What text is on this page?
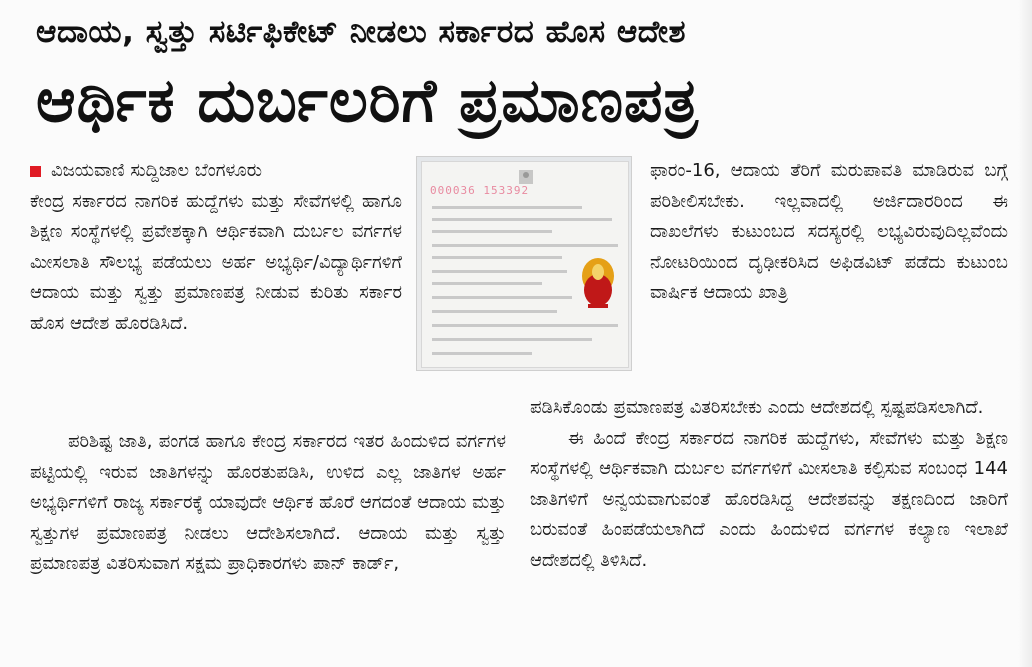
ಆದಾಯ, ಸ್ವತ್ತು ಸರ್ಟಿಫಿಕೇಟ್ ನೀಡಲು ಸರ್ಕಾರದ ಹೊಸ ಆದೇಶ
ಆರ್ಥಿಕ ದುರ್ಬಲರಿಗೆ ಪ್ರಮಾಣಪತ್ರ

ವಿಜಯವಾಣಿ ಸುದ್ದಿಜಾಲ ಬೆಂಗಳೂರು

ಕೇಂದ್ರ ಸರ್ಕಾರದ ನಾಗರಿಕ ಹುದ್ದೆಗಳು ಮತ್ತು ಸೇವೆಗಳಲ್ಲಿ ಹಾಗೂ ಶಿಕ್ಷಣ ಸಂಸ್ಥೆಗಳಲ್ಲಿ ಪ್ರವೇಶಕ್ಕಾಗಿ ಆರ್ಥಿಕವಾಗಿ ದುರ್ಬಲ ವರ್ಗಗಳ ಮೀಸಲಾತಿ ಸೌಲಭ್ಯ ಪಡೆಯಲು ಅರ್ಹ ಅಭ್ಯರ್ಥಿ/ವಿದ್ಯಾರ್ಥಿಗಳಿಗೆ ಆದಾಯ ಮತ್ತು ಸ್ವತ್ತು ಪ್ರಮಾಣಪತ್ರ ನೀಡುವ ಕುರಿತು ಸರ್ಕಾರ ಹೊಸ ಆದೇಶ ಹೊರಡಿಸಿದೆ.

000036 153392

ಪರಿಶಿಷ್ಟ ಜಾತಿ, ಪಂಗಡ ಹಾಗೂ ಕೇಂದ್ರ ಸರ್ಕಾರದ ಇತರ ಹಿಂದುಳಿದ ವರ್ಗಗಳ ಪಟ್ಟಿಯಲ್ಲಿ ಇರುವ ಜಾತಿಗಳನ್ನು ಹೊರತುಪಡಿಸಿ, ಉಳಿದ ಎಲ್ಲ ಜಾತಿಗಳ ಅರ್ಹ ಅಭ್ಯರ್ಥಿಗಳಿಗೆ ರಾಜ್ಯ ಸರ್ಕಾರಕ್ಕೆ ಯಾವುದೇ ಆರ್ಥಿಕ ಹೊರೆ ಆಗದಂತೆ ಆದಾಯ ಮತ್ತು ಸ್ವತ್ತುಗಳ ಪ್ರಮಾಣಪತ್ರ ನೀಡಲು ಆದೇಶಿಸಲಾಗಿದೆ. ಆದಾಯ ಮತ್ತು ಸ್ವತ್ತು ಪ್ರಮಾಣಪತ್ರ ವಿತರಿಸುವಾಗ ಸಕ್ಷಮ ಪ್ರಾಧಿಕಾರಗಳು ಪಾನ್ ಕಾರ್ಡ್,

ಫಾರಂ-16, ಆದಾಯ ತೆರಿಗೆ ಮರುಪಾವತಿ ಮಾಡಿರುವ ಬಗ್ಗೆ ಪರಿಶೀಲಿಸಬೇಕು. ಇಲ್ಲವಾದಲ್ಲಿ ಅರ್ಜಿದಾರರಿಂದ ಈ ದಾಖಲೆಗಳು ಕುಟುಂಬದ ಸದಸ್ಯರಲ್ಲಿ ಲಭ್ಯವಿರುವುದಿಲ್ಲವೆಂದು ನೋಟರಿಯಿಂದ ದೃಢೀಕರಿಸಿದ ಅಫಿಡವಿಟ್ ಪಡೆದು ಕುಟುಂಬ ವಾರ್ಷಿಕ ಆದಾಯ ಖಾತ್ರಿ

ಪಡಿಸಿಕೊಂಡು ಪ್ರಮಾಣಪತ್ರ ವಿತರಿಸಬೇಕು ಎಂದು ಆದೇಶದಲ್ಲಿ ಸ್ಪಷ್ಟಪಡಿಸಲಾಗಿದೆ.

ಈ ಹಿಂದೆ ಕೇಂದ್ರ ಸರ್ಕಾರದ ನಾಗರಿಕ ಹುದ್ದೆಗಳು, ಸೇವೆಗಳು ಮತ್ತು ಶಿಕ್ಷಣ ಸಂಸ್ಥೆಗಳಲ್ಲಿ ಆರ್ಥಿಕವಾಗಿ ದುರ್ಬಲ ವರ್ಗಗಳಿಗೆ ಮೀಸಲಾತಿ ಕಲ್ಪಿಸುವ ಸಂಬಂಧ 144 ಜಾತಿಗಳಿಗೆ ಅನ್ವಯವಾಗುವಂತೆ ಹೊರಡಿಸಿದ್ದ ಆದೇಶವನ್ನು ತಕ್ಷಣದಿಂದ ಜಾರಿಗೆ ಬರುವಂತೆ ಹಿಂಪಡೆಯಲಾಗಿದೆ ಎಂದು ಹಿಂದುಳಿದ ವರ್ಗಗಳ ಕಲ್ಯಾಣ ಇಲಾಖೆ ಆದೇಶದಲ್ಲಿ ತಿಳಿಸಿದೆ.
